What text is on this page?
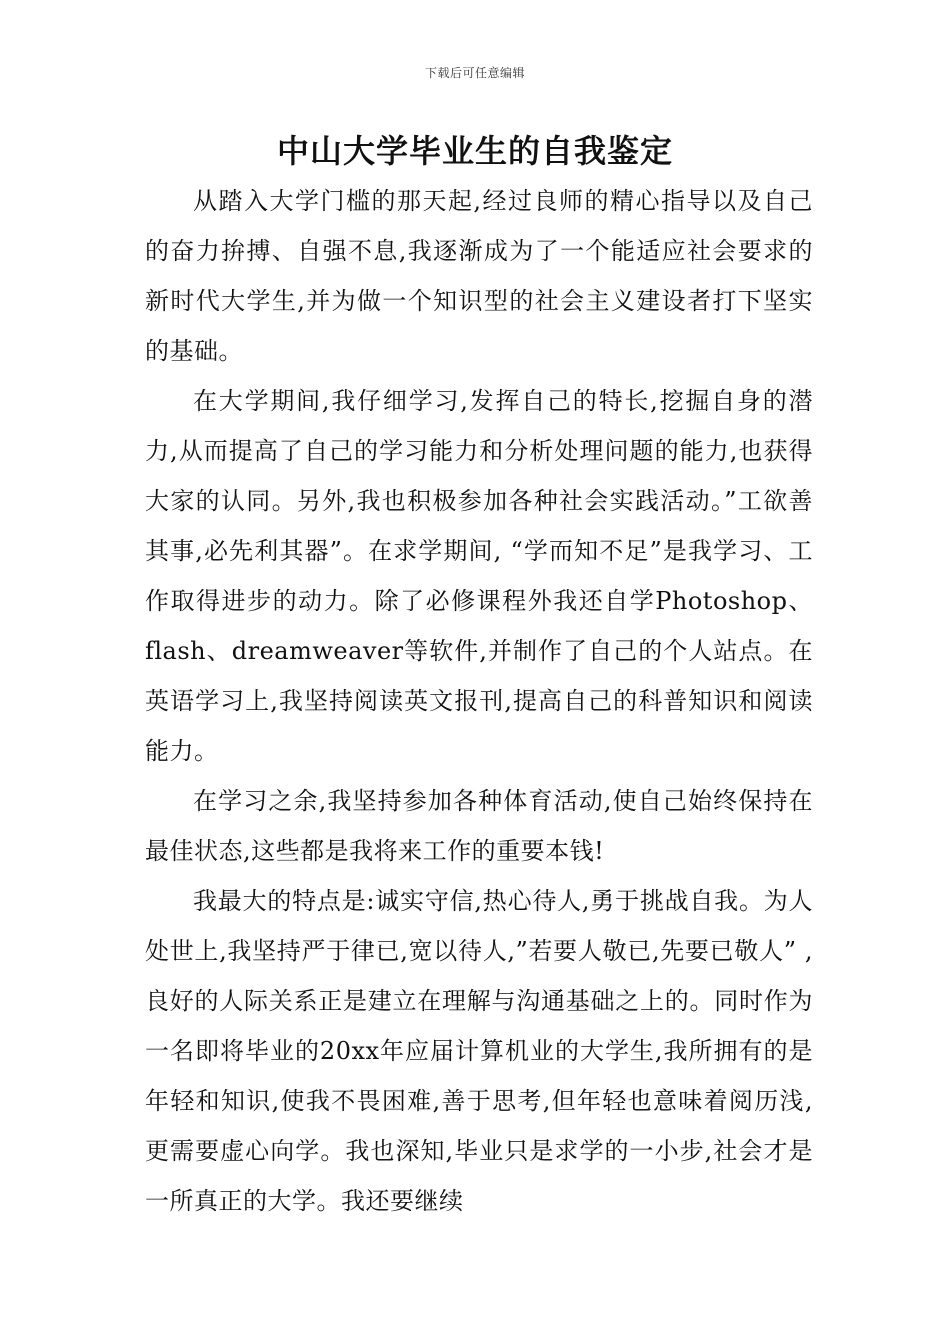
下载后可任意编辑
中山大学毕业生的自我鉴定

从踏入大学门槛的那天起,经过良师的精心指导以及自己的奋力拚搏、自强不息,我逐渐成为了一个能适应社会要求的新时代大学生,并为做一个知识型的社会主义建设者打下坚实的基础。

在大学期间,我仔细学习,发挥自己的特长,挖掘自身的潜力,从而提高了自己的学习能力和分析处理问题的能力,也获得大家的认同。另外,我也积极参加各种社会实践活动。”工欲善其事,必先利其器”。在求学期间, “学而知不足”是我学习、工作取得进步的动力。除了必修课程外我还自学Photoshop、flash、dreamweaver等软件,并制作了自己的个人站点。在英语学习上,我坚持阅读英文报刊,提高自己的科普知识和阅读能力。

在学习之余,我坚持参加各种体育活动,使自己始终保持在最佳状态,这些都是我将来工作的重要本钱!

我最大的特点是:诚实守信,热心待人,勇于挑战自我。为人处世上,我坚持严于律已,宽以待人,”若要人敬已,先要已敬人” ,良好的人际关系正是建立在理解与沟通基础之上的。同时作为一名即将毕业的20xx年应届计算机业的大学生,我所拥有的是年轻和知识,使我不畏困难,善于思考,但年轻也意味着阅历浅,更需要虚心向学。我也深知,毕业只是求学的一小步,社会才是一所真正的大学。我还要继续
